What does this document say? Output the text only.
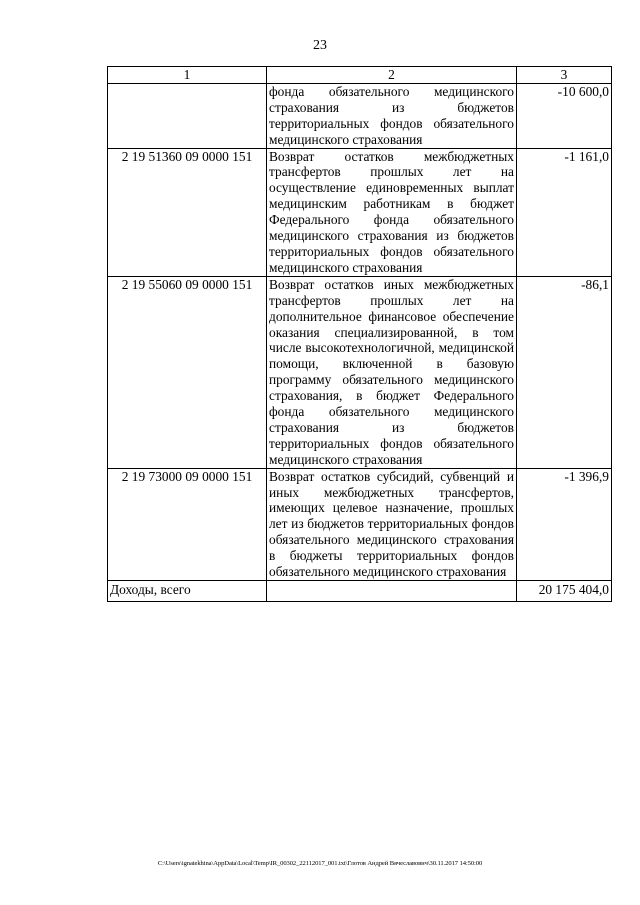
23
1	2	3
	фонда обязательного медицинского страхования из бюджетов территориальных фондов обязательного медицинского страхования	-10 600,0
2 19 51360 09 0000 151	Возврат остатков межбюджетных трансфертов прошлых лет на осуществление единовременных выплат медицинским работникам в бюджет Федерального фонда обязательного медицинского страхования из бюджетов территориальных фондов обязательного медицинского страхования	-1 161,0
2 19 55060 09 0000 151	Возврат остатков иных межбюджетных трансфертов прошлых лет на дополнительное финансовое обеспечение оказания специализированной, в том числе высокотехнологичной, медицинской помощи, включенной в базовую программу обязательного медицинского страхования, в бюджет Федерального фонда обязательного медицинского страхования из бюджетов территориальных фондов обязательного медицинского страхования	-86,1
2 19 73000 09 0000 151	Возврат остатков субсидий, субвенций и иных межбюджетных трансфертов, имеющих целевое назначение, прошлых лет из бюджетов территориальных фондов обязательного медицинского страхования в бюджеты территориальных фондов обязательного медицинского страхования	-1 396,9
Доходы, всего		20 175 404,0
C:\Users\ignatekhina\AppData\Local\Temp\IR_00302_22112017_001.txt\Глотов Андрей Вячеславович\30.11.2017 14:50:00
